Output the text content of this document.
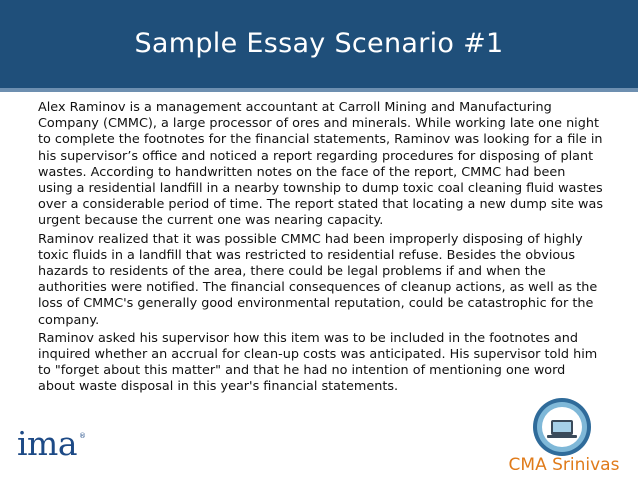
Sample Essay Scenario #1

Alex Raminov is a management accountant at Carroll Mining and Manufacturing Company (CMMC), a large processor of ores and minerals. While working late one night to complete the footnotes for the financial statements, Raminov was looking for a file in his supervisor’s office and noticed a report regarding procedures for disposing of plant wastes. According to handwritten notes on the face of the report, CMMC had been using a residential landfill in a nearby township to dump toxic coal cleaning fluid wastes over a considerable period of time. The report stated that locating a new dump site was urgent because the current one was nearing capacity.

Raminov realized that it was possible CMMC had been improperly disposing of highly toxic fluids in a landfill that was restricted to residential refuse. Besides the obvious hazards to residents of the area, there could be legal problems if and when the authorities were notified. The financial consequences of cleanup actions, as well as the loss of CMMC's generally good environmental reputation, could be catastrophic for the company.

Raminov asked his supervisor how this item was to be included in the footnotes and inquired whether an accrual for clean-up costs was anticipated. His supervisor told him to "forget about this matter" and that he had no intention of mentioning one word about waste disposal in this year's financial statements.

ima ®
CMA Srinivas
